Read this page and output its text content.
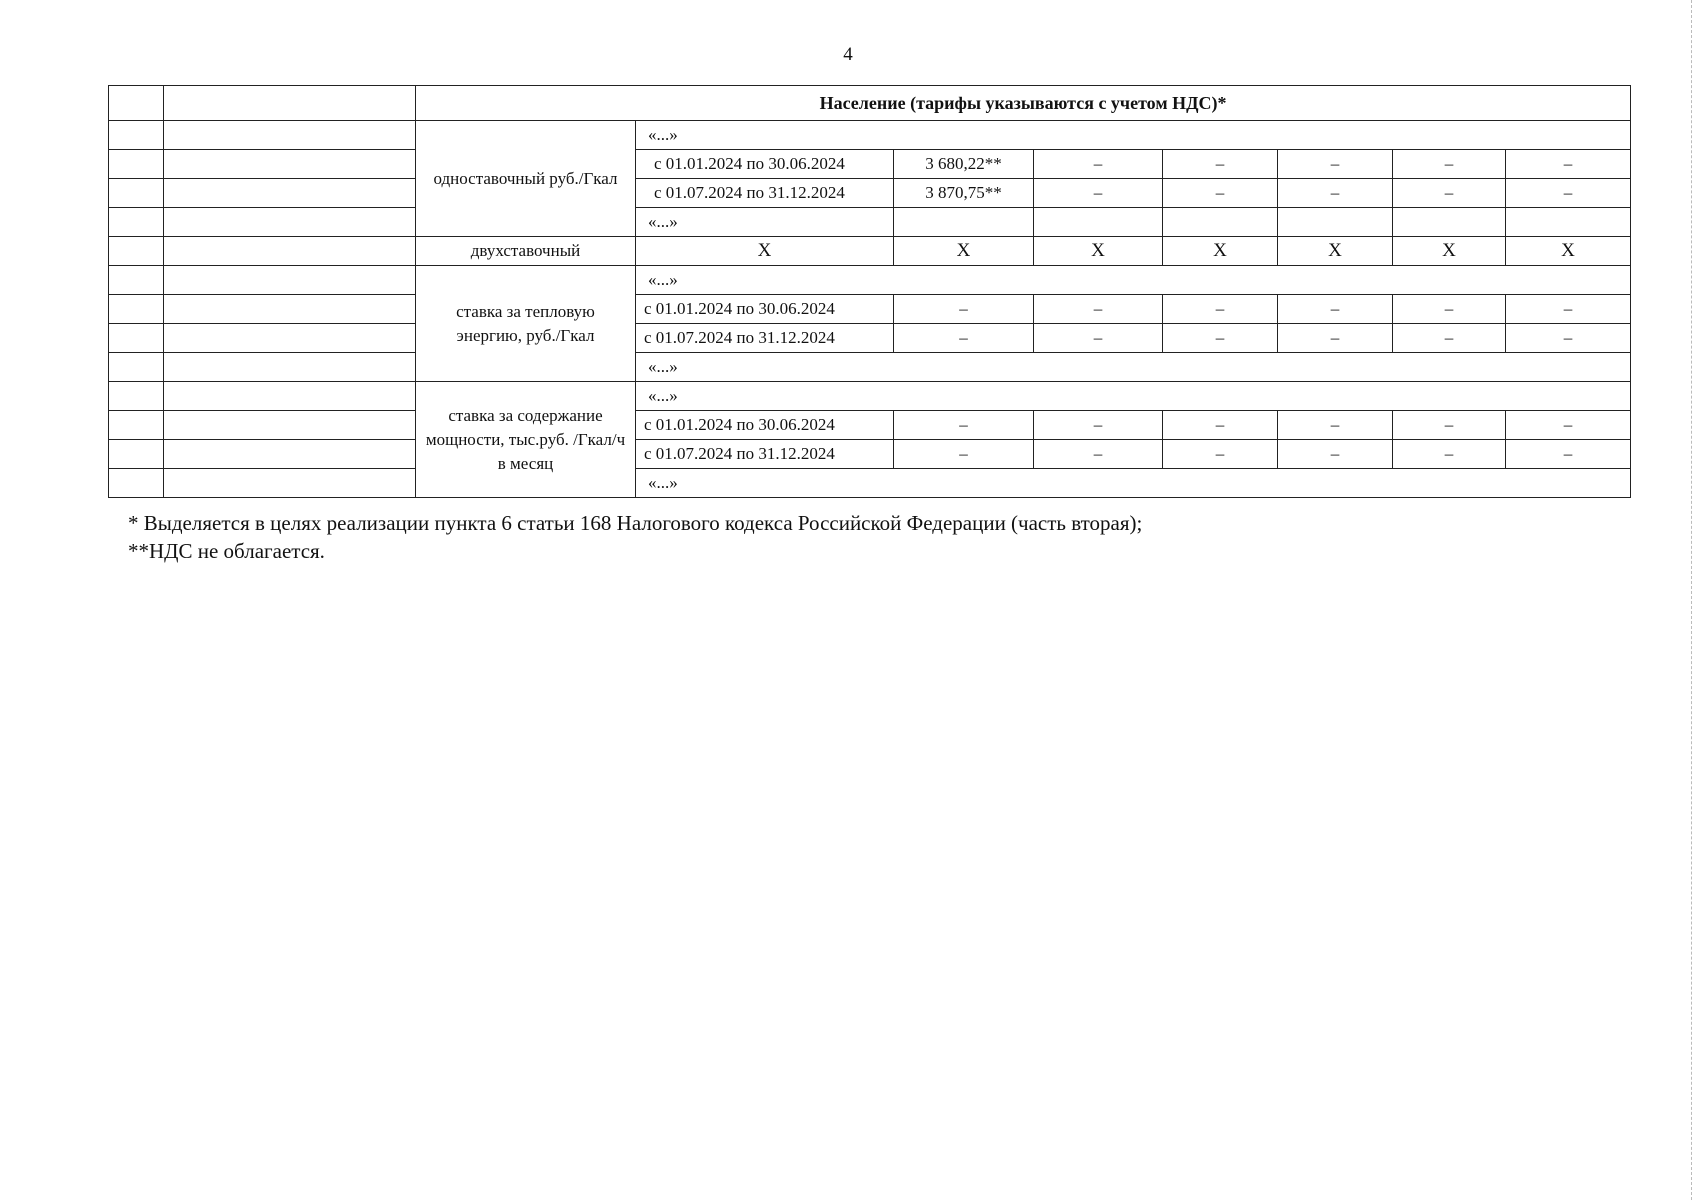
4
		Население (тарифы указываются с учетом НДС)*							
		одноставочный руб./Гкал	«...»						
			с 01.01.2024 по 30.06.2024	3 680,22**	–	–	–	–	–
			с 01.07.2024 по 31.12.2024	3 870,75**	–	–	–	–	–
			«...»						
		двухставочный	X	X	X	X	X	X	X
		ставка за тепловую энергию, руб./Гкал	«...»						
			с 01.01.2024 по 30.06.2024	–	–	–	–	–	–
			с 01.07.2024 по 31.12.2024	–	–	–	–	–	–
			«...»						
		ставка за содержание мощности, тыс.руб. /Гкал/ч в месяц	«...»						
			с 01.01.2024 по 30.06.2024	–	–	–	–	–	–
			с 01.07.2024 по 31.12.2024	–	–	–	–	–	–
			«...»						
* Выделяется в целях реализации пункта 6 статьи 168 Налогового кодекса Российской Федерации (часть вторая);
**НДС не облагается.
